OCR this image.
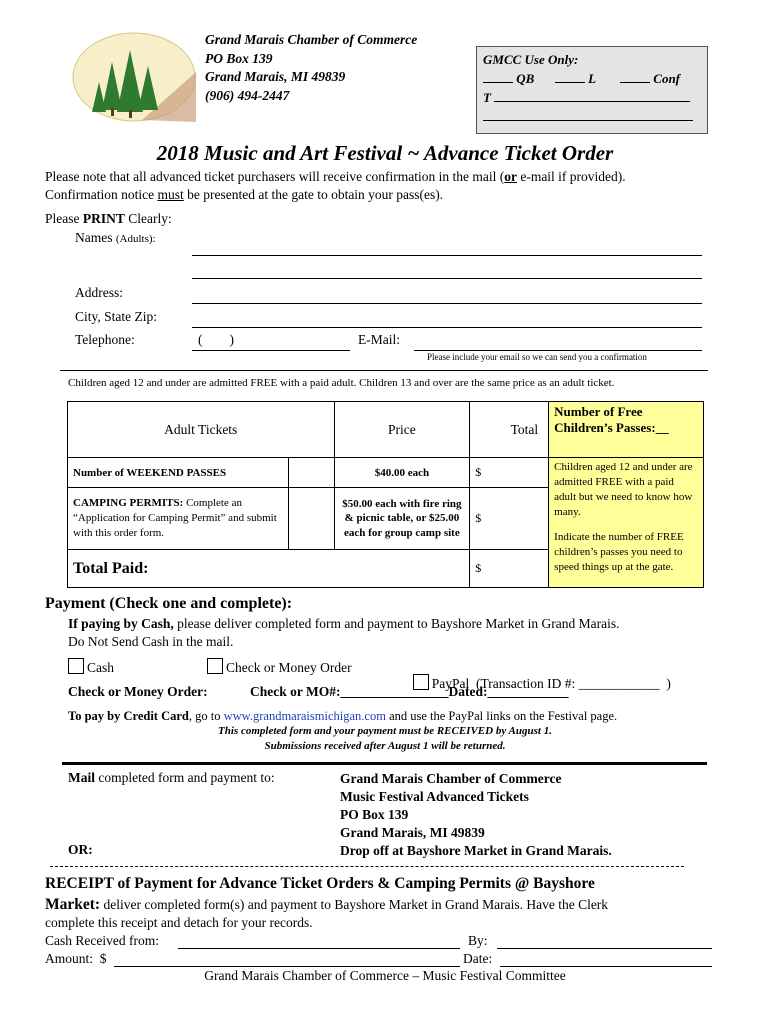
Grand Marais Chamber of Commerce
PO Box 139
Grand Marais, MI 49839
(906) 494-2447
GMCC Use Only:
QB	L	Conf
T
2018 Music and Art Festival ~ Advance Ticket Order
Please note that all advanced ticket purchasers will receive confirmation in the mail (or e-mail if provided).
Confirmation notice must be presented at the gate to obtain your pass(es).
Please PRINT Clearly:
Names (Adults):
Address:
City, State Zip:
Telephone:	(        )	E-Mail:
Please include your email so we can send you a confirmation
Children aged 12 and under are admitted FREE with a paid adult. Children 13 and over are the same price as an adult ticket.
Adult Tickets		Price	Total	Number of Free Children’s Passes:__
Number of WEEKEND PASSES		$40.00 each	$	Children aged 12 and under are admitted FREE with a paid adult but we need to know how many.
Indicate the number of FREE children’s passes you need to speed things up at the gate.

CAMPING PERMITS: Complete an “Application for Camping Permit” and submit with this order form.		$50.00 each with fire ring & picnic table, or $25.00 each for group camp site	$	
Total Paid:			$	
Payment (Check one and complete):
If paying by Cash, please deliver completed form and payment to Bayshore Market in Grand Marais.
Do Not Send Cash in the mail.
Cash	Check or Money Order

PayPal  (Transaction ID #: ____________  )

Check or Money Order:	Check or MO#:________________Dated:____________
To pay by Credit Card, go to www.grandmaraismichigan.com and use the PayPal links on the Festival page.
This completed form and your payment must be RECEIVED by August 1.
Submissions received after August 1 will be returned.
Mail completed form and payment to:
OR:
Grand Marais Chamber of Commerce
Music Festival Advanced Tickets
PO Box 139
Grand Marais, MI 49839
Drop off at Bayshore Market in Grand Marais.
RECEIPT of Payment for Advance Ticket Orders & Camping Permits @ Bayshore
Market: deliver completed form(s) and payment to Bayshore Market in Grand Marais. Have the Clerk
complete this receipt and detach for your records.
Cash Received from:	By:
Amount:  $	Date:
Grand Marais Chamber of Commerce – Music Festival Committee
